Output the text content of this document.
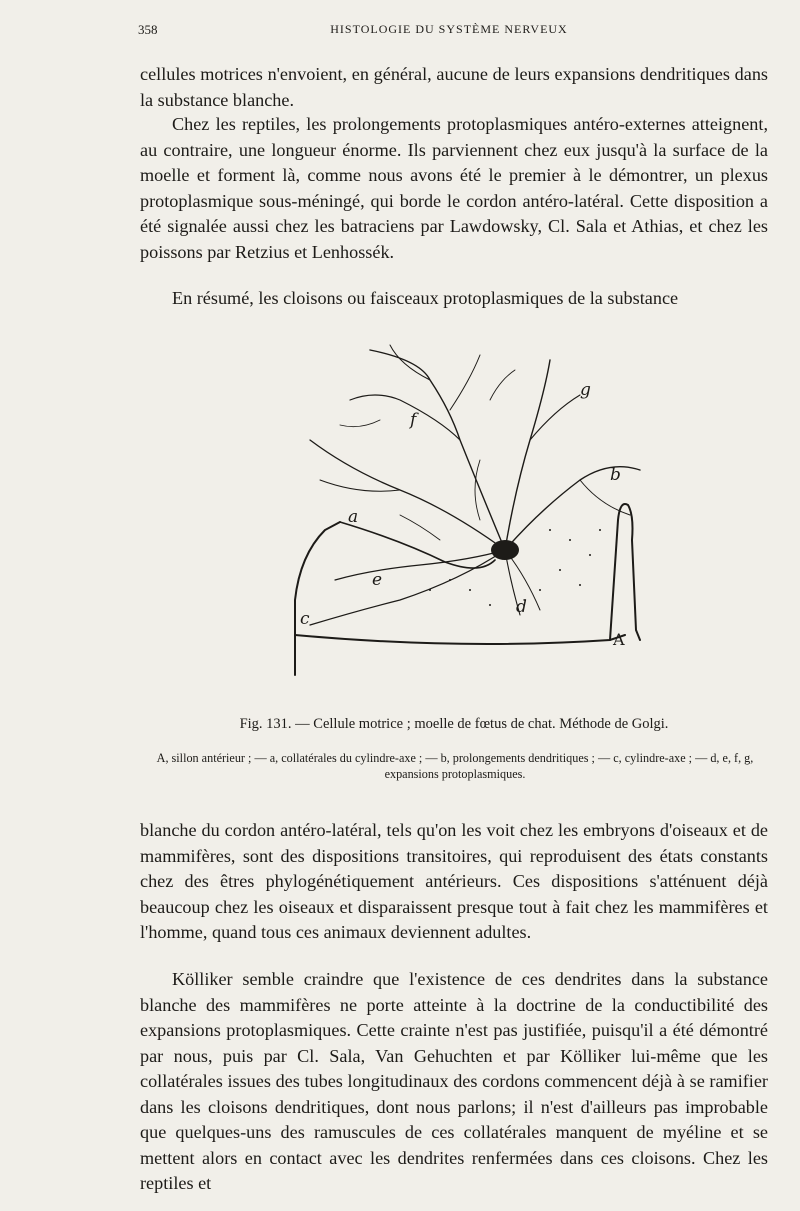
358	HISTOLOGIE DU SYSTÈME NERVEUX

cellules motrices n'envoient, en général, aucune de leurs expansions dendritiques dans la substance blanche.

Chez les reptiles, les prolongements protoplasmiques antéro-externes atteignent, au contraire, une longueur énorme. Ils parviennent chez eux jusqu'à la surface de la moelle et forment là, comme nous avons été le premier à le démontrer, un plexus protoplasmique sous-méningé, qui borde le cordon antéro-latéral. Cette disposition a été signalée aussi chez les batraciens par Lawdowsky, Cl. Sala et Athias, et chez les poissons par Retzius et Lenhossék.

En résumé, les cloisons ou faisceaux protoplasmiques de la substance

f
g
b
a
e
d
c
A
Fig. 131. — Cellule motrice ; moelle de fœtus de chat. Méthode de Golgi.

A, sillon antérieur ; — a, collatérales du cylindre-axe ; — b, prolongements dendritiques ; — c, cylindre-axe ; — d, e, f, g, expansions protoplasmiques.

blanche du cordon antéro-latéral, tels qu'on les voit chez les embryons d'oiseaux et de mammifères, sont des dispositions transitoires, qui reproduisent des états constants chez des êtres phylogénétiquement antérieurs. Ces dispositions s'atténuent déjà beaucoup chez les oiseaux et disparaissent presque tout à fait chez les mammifères et l'homme, quand tous ces animaux deviennent adultes.

Kölliker semble craindre que l'existence de ces dendrites dans la substance blanche des mammifères ne porte atteinte à la doctrine de la conductibilité des expansions protoplasmiques. Cette crainte n'est pas justifiée, puisqu'il a été démontré par nous, puis par Cl. Sala, Van Gehuchten et par Kölliker lui-même que les collatérales issues des tubes longitudinaux des cordons commencent déjà à se ramifier dans les cloisons dendritiques, dont nous parlons; il n'est d'ailleurs pas improbable que quelques-uns des ramuscules de ces collatérales manquent de myéline et se mettent alors en contact avec les dendrites renfermées dans ces cloisons. Chez les reptiles et
